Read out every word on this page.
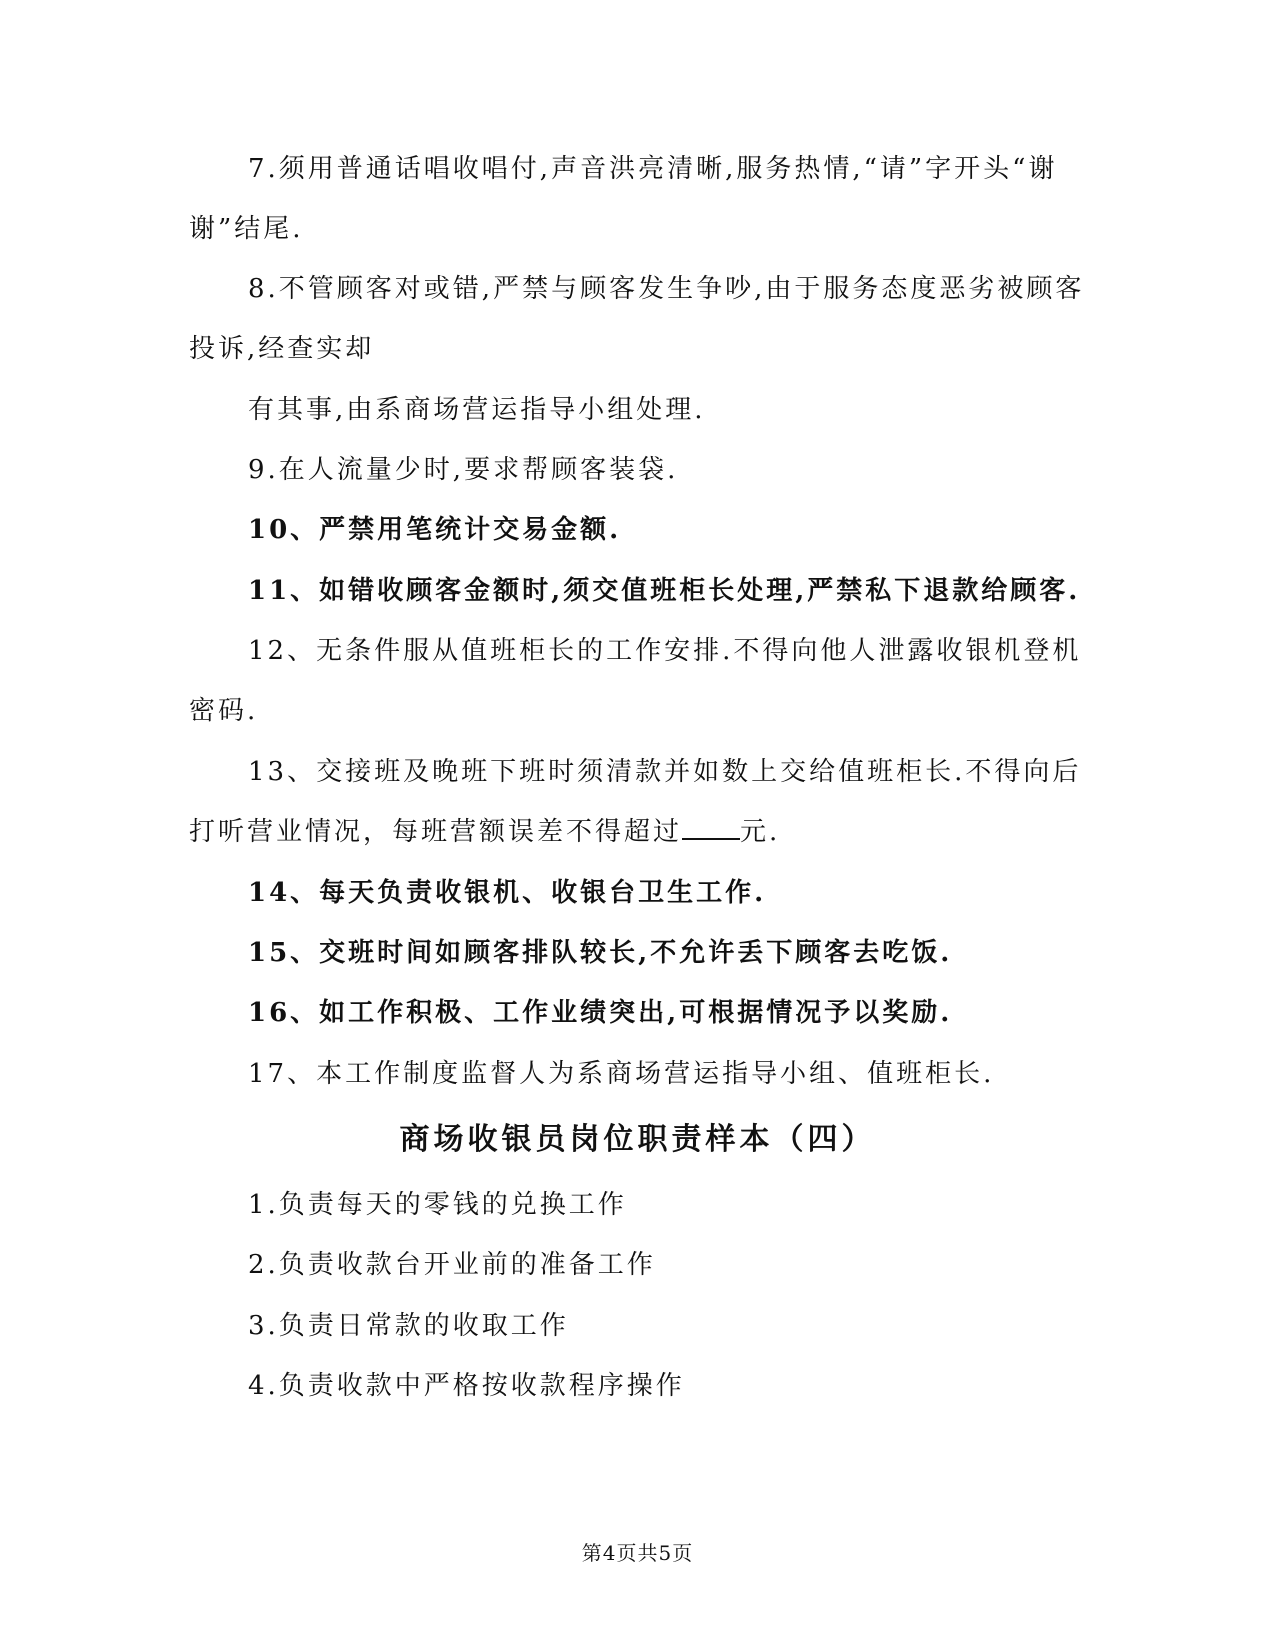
7.须用普通话唱收唱付,声音洪亮清晰,服务热情,“请”字开头“谢
谢”结尾.
8.不管顾客对或错,严禁与顾客发生争吵,由于服务态度恶劣被顾客
投诉,经查实却
有其事,由系商场营运指导小组处理.
9.在人流量少时,要求帮顾客装袋.
10、严禁用笔统计交易金额.
11、如错收顾客金额时,须交值班柜长处理,严禁私下退款给顾客.
12、无条件服从值班柜长的工作安排.不得向他人泄露收银机登机
密码.
13、交接班及晚班下班时须清款并如数上交给值班柜长.不得向后
打听营业情况，每班营额误差不得超过 元.
14、每天负责收银机、收银台卫生工作.
15、交班时间如顾客排队较长,不允许丢下顾客去吃饭.
16、如工作积极、工作业绩突出,可根据情况予以奖励.
17、本工作制度监督人为系商场营运指导小组、值班柜长.
商场收银员岗位职责样本（四）
1.负责每天的零钱的兑换工作
2.负责收款台开业前的准备工作
3.负责日常款的收取工作
4.负责收款中严格按收款程序操作
第4页共5页
